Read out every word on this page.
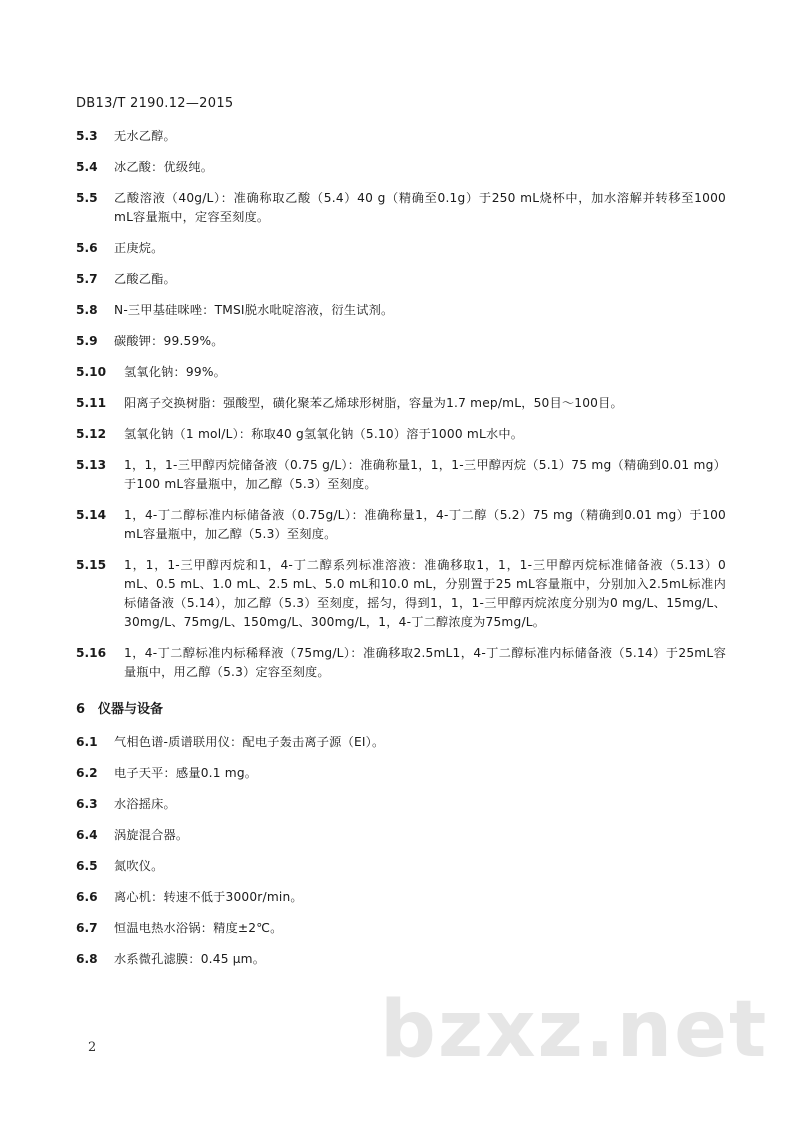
DB13/T 2190.12—2015
5.3	无水乙醇。
5.4	冰乙酸：优级纯。
5.5	乙酸溶液（40g/L）：准确称取乙酸（5.4）40 g（精确至0.1g）于250 mL烧杯中，加水溶解并转移至1000 mL容量瓶中，定容至刻度。
5.6	正庚烷。
5.7	乙酸乙酯。
5.8	N-三甲基硅咪唑：TMSI脱水吡啶溶液，衍生试剂。
5.9	碳酸钾：99.59%。
5.10	氢氧化钠：99%。
5.11	阳离子交换树脂：强酸型，磺化聚苯乙烯球形树脂，容量为1.7 mep/mL，50目～100目。
5.12	氢氧化钠（1 mol/L）：称取40 g氢氧化钠（5.10）溶于1000 mL水中。
5.13	1，1，1-三甲醇丙烷储备液（0.75 g/L）：准确称量1，1，1-三甲醇丙烷（5.1）75 mg（精确到0.01 mg）于100 mL容量瓶中，加乙醇（5.3）至刻度。
5.14	1，4-丁二醇标准内标储备液（0.75g/L）：准确称量1，4-丁二醇（5.2）75 mg（精确到0.01 mg）于100 mL容量瓶中，加乙醇（5.3）至刻度。
5.15	1，1，1-三甲醇丙烷和1，4-丁二醇系列标准溶液：准确移取1，1，1-三甲醇丙烷标准储备液（5.13）0 mL、0.5 mL、1.0 mL、2.5 mL、5.0 mL和10.0 mL，分别置于25 mL容量瓶中，分别加入2.5mL标准内标储备液（5.14），加乙醇（5.3）至刻度，摇匀，得到1，1，1-三甲醇丙烷浓度分别为0 mg/L、15mg/L、30mg/L、75mg/L、150mg/L、300mg/L，1，4-丁二醇浓度为75mg/L。
5.16	1，4-丁二醇标准内标稀释液（75mg/L）：准确移取2.5mL1，4-丁二醇标准内标储备液（5.14）于25mL容量瓶中，用乙醇（5.3）定容至刻度。
6 仪器与设备
6.1	气相色谱-质谱联用仪：配电子轰击离子源（EI）。
6.2	电子天平：感量0.1 mg。
6.3	水浴摇床。
6.4	涡旋混合器。
6.5	氮吹仪。
6.6	离心机：转速不低于3000r/min。
6.7	恒温电热水浴锅：精度±2℃。
6.8	水系微孔滤膜：0.45 μm。
bzxz.net
2
